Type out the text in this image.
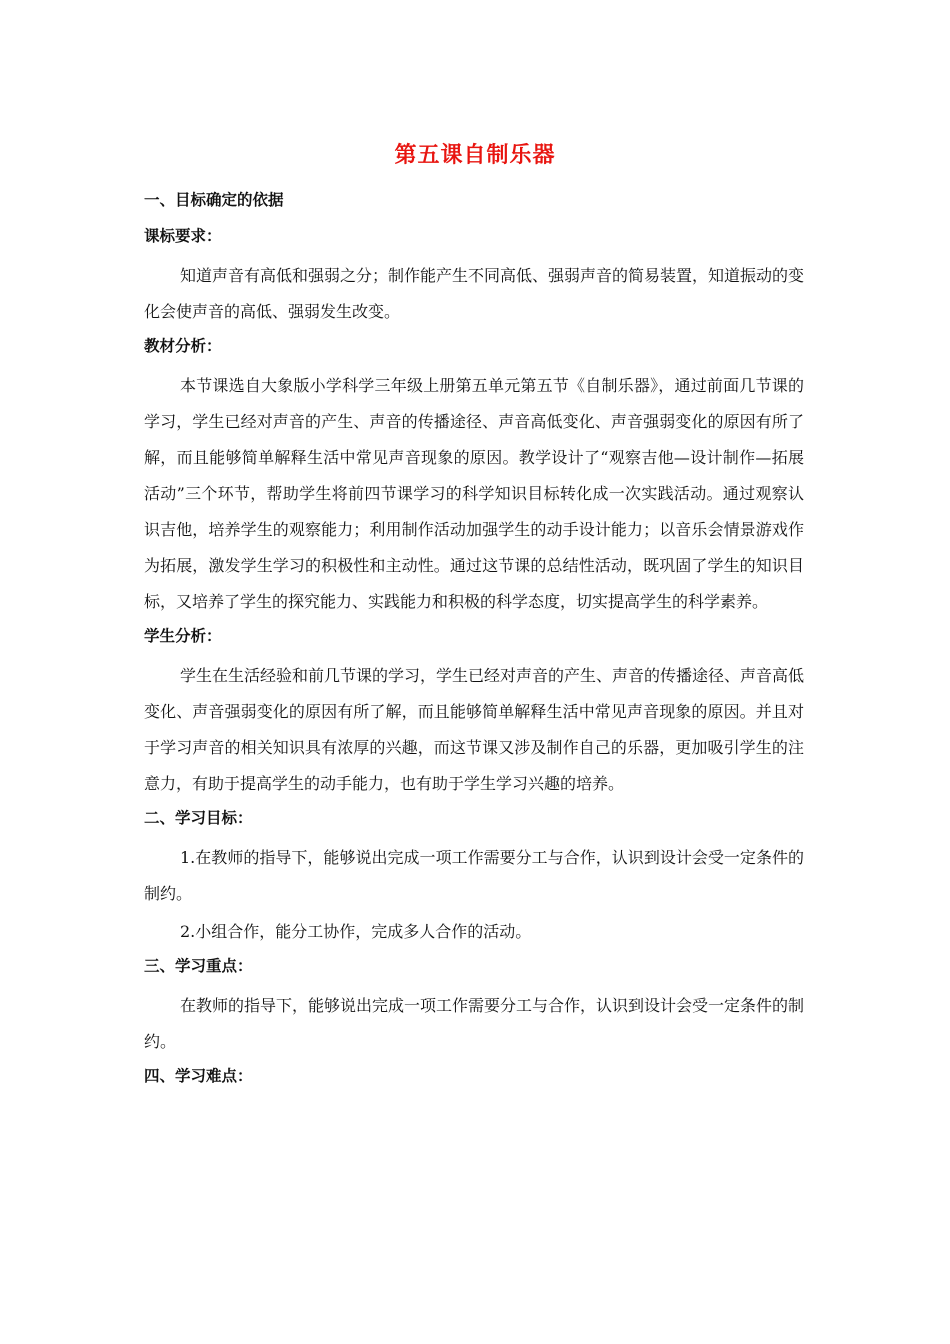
第五课自制乐器
一、目标确定的依据
课标要求：

知道声音有高低和强弱之分；制作能产生不同高低、强弱声音的简易装置，知道振动的变化会使声音的高低、强弱发生改变。

教材分析：

本节课选自大象版小学科学三年级上册第五单元第五节《自制乐器》，通过前面几节课的学习，学生已经对声音的产生、声音的传播途径、声音高低变化、声音强弱变化的原因有所了解，而且能够简单解释生活中常见声音现象的原因。教学设计了“观察吉他—设计制作—拓展活动”三个环节，帮助学生将前四节课学习的科学知识目标转化成一次实践活动。通过观察认识吉他，培养学生的观察能力；利用制作活动加强学生的动手设计能力；以音乐会情景游戏作为拓展，激发学生学习的积极性和主动性。通过这节课的总结性活动，既巩固了学生的知识目标，又培养了学生的探究能力、实践能力和积极的科学态度，切实提高学生的科学素养。

学生分析：

学生在生活经验和前几节课的学习，学生已经对声音的产生、声音的传播途径、声音高低变化、声音强弱变化的原因有所了解，而且能够简单解释生活中常见声音现象的原因。并且对于学习声音的相关知识具有浓厚的兴趣，而这节课又涉及制作自己的乐器，更加吸引学生的注意力，有助于提高学生的动手能力，也有助于学生学习兴趣的培养。

二、学习目标：

1.在教师的指导下，能够说出完成一项工作需要分工与合作，认识到设计会受一定条件的制约。

2.小组合作，能分工协作，完成多人合作的活动。

三、学习重点：

在教师的指导下，能够说出完成一项工作需要分工与合作，认识到设计会受一定条件的制约。

四、学习难点：
